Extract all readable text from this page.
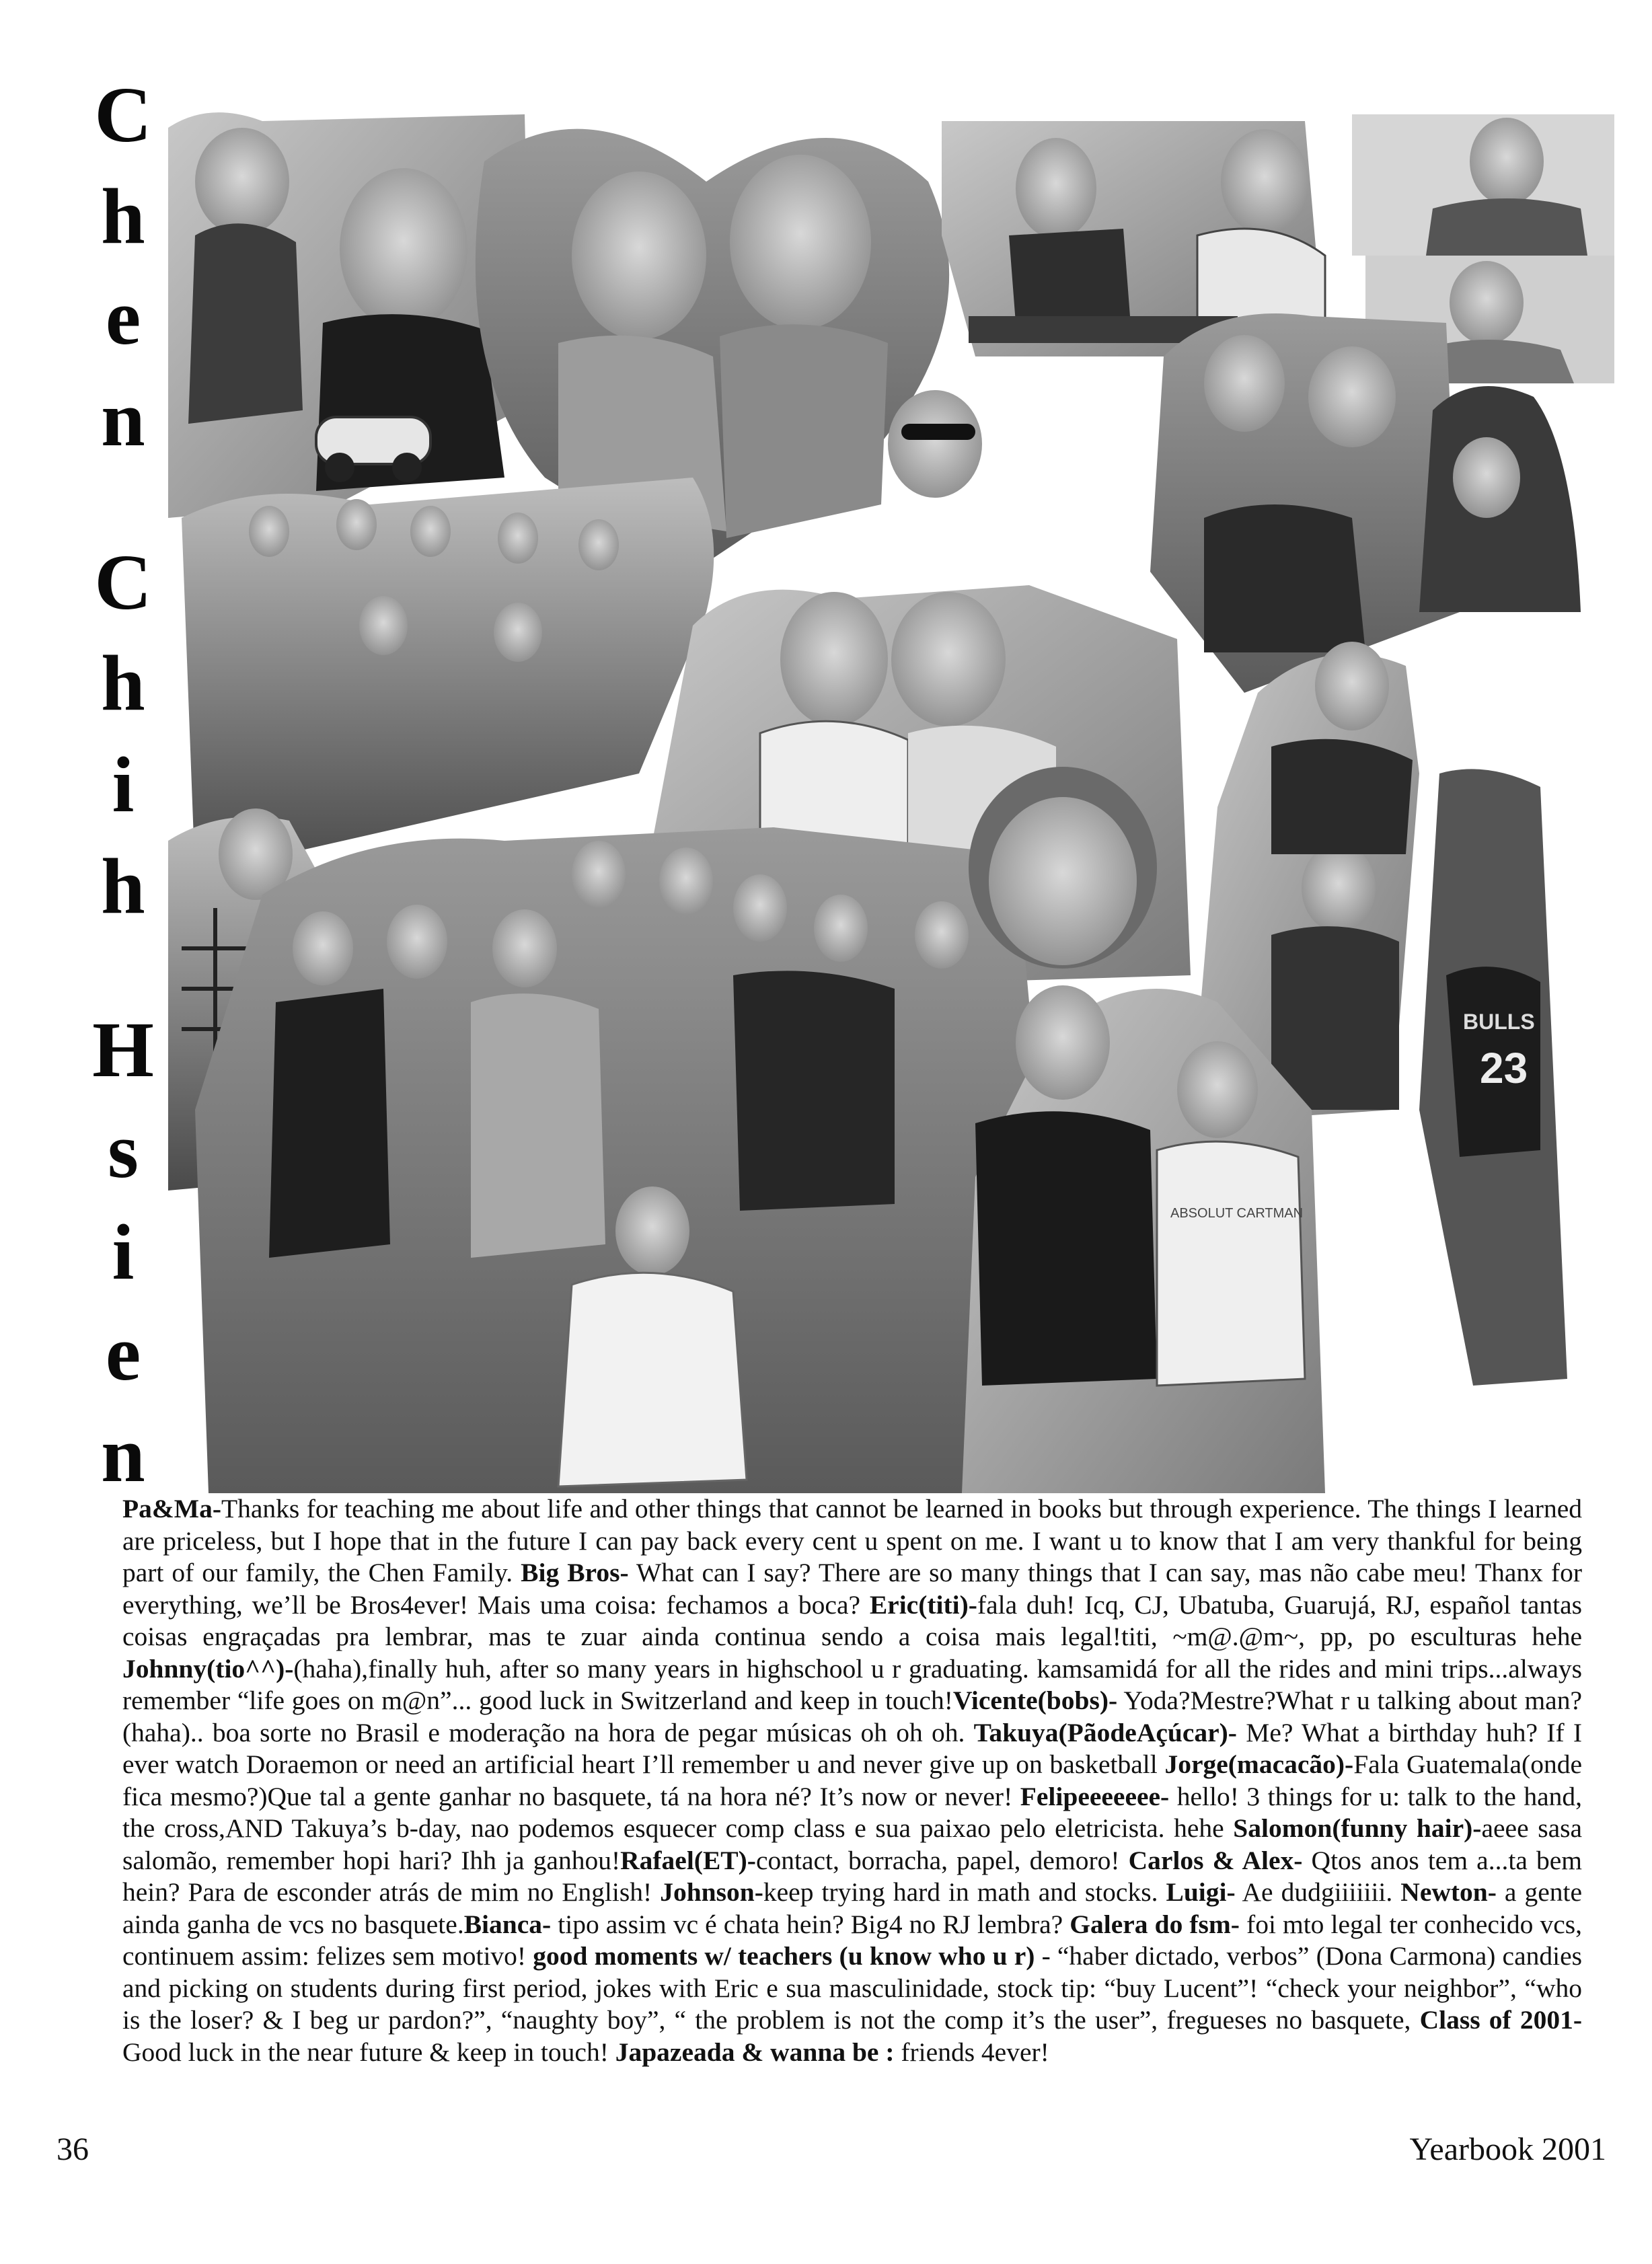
C
h
e
n
C
h
i
h
H
s
i
e
n
BULLS
23
ABSOLUT CARTMAN
Pa&Ma-Thanks for teaching me about life and other things that cannot be learned in books but through experience. The things I learned are priceless, but I hope that in the future I can pay back every cent u spent on me. I want u to know that I am very thankful for being part of our family, the Chen Family. Big Bros- What can I say? There are so many things that I can say, mas não cabe meu! Thanx for everything, we’ll be Bros4ever! Mais uma coisa: fechamos a boca? Eric(titi)-fala duh! Icq, CJ, Ubatuba, Guarujá, RJ, español tantas coisas engraçadas pra lembrar, mas te zuar ainda continua sendo a coisa mais legal!titi, ~m@.@m~, pp, po esculturas hehe Johnny(tio^^)-(haha),finally huh, after so many years in highschool u r graduating. kamsamidá for all the rides and mini trips...always remember “life goes on m@n”... good luck in Switzerland and keep in touch!Vicente(bobs)- Yoda?Mestre?What r u talking about man?(haha).. boa sorte no Brasil e moderação na hora de pegar músicas oh oh oh. Takuya(PãodeAçúcar)- Me? What a birthday huh? If I ever watch Doraemon or need an artificial heart I’ll remember u and never give up on basketball Jorge(macacão)-Fala Guatemala(onde fica mesmo?)Que tal a gente ganhar no basquete, tá na hora né? It’s now or never! Felipeeeeeee- hello! 3 things for u: talk to the hand, the cross,AND Takuya’s b-day, nao podemos esquecer comp class e sua paixao pelo eletricista. hehe Salomon(funny hair)-aeee sasa salomão, remember hopi hari? Ihh ja ganhou!Rafael(ET)-contact, borracha, papel, demoro! Carlos & Alex- Qtos anos tem a...ta bem hein? Para de esconder atrás de mim no English! Johnson-keep trying hard in math and stocks. Luigi- Ae dudgiiiiiii. Newton- a gente ainda ganha de vcs no basquete.Bianca- tipo assim vc é chata hein? Big4 no RJ lembra? Galera do fsm- foi mto legal ter conhecido vcs, continuem assim: felizes sem motivo! good moments w/ teachers (u know who u r) - “haber dictado, verbos” (Dona Carmona) candies and picking on students during first period, jokes with Eric e sua masculinidade, stock tip: “buy Lucent”! “check your neighbor”, “who is the loser? & I beg ur pardon?”, “naughty boy”, “ the problem is not the comp it’s the user”, fregueses no basquete, Class of 2001- Good luck in the near future & keep in touch! Japazeada & wanna be : friends 4ever!
36	Yearbook 2001
